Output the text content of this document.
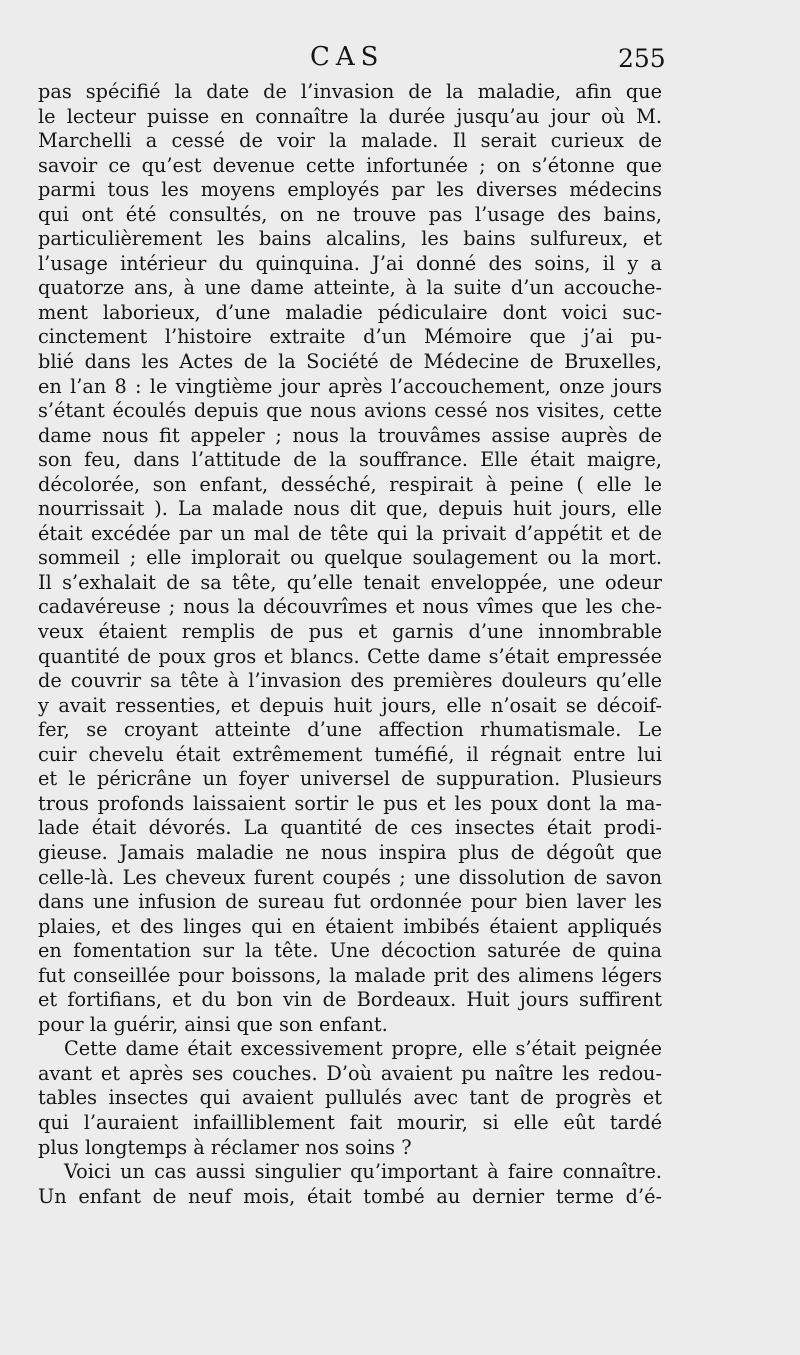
CAS	255
pas spécifié la date de l’invasion de la maladie, afin que
le lecteur puisse en connaître la durée jusqu’au jour où M.
Marchelli a cessé de voir la malade. Il serait curieux de
savoir ce qu’est devenue cette infortunée ; on s’étonne que
parmi tous les moyens employés par les diverses médecins
qui ont été consultés, on ne trouve pas l’usage des bains,
particulièrement les bains alcalins, les bains sulfureux, et
l’usage intérieur du quinquina. J’ai donné des soins, il y a
quatorze ans, à une dame atteinte, à la suite d’un accouche-
ment laborieux, d’une maladie pédiculaire dont voici suc-
cinctement l’histoire extraite d’un Mémoire que j’ai pu-
blié dans les Actes de la Société de Médecine de Bruxelles,
en l’an 8 : le vingtième jour après l’accouchement, onze jours
s’étant écoulés depuis que nous avions cessé nos visites, cette
dame nous fit appeler ; nous la trouvâmes assise auprès de
son feu, dans l’attitude de la souffrance. Elle était maigre,
décolorée, son enfant, desséché, respirait à peine ( elle le
nourrissait ). La malade nous dit que, depuis huit jours, elle
était excédée par un mal de tête qui la privait d’appétit et de
sommeil ; elle implorait ou quelque soulagement ou la mort.
Il s’exhalait de sa tête, qu’elle tenait enveloppée, une odeur
cadavéreuse ; nous la découvrîmes et nous vîmes que les che-
veux étaient remplis de pus et garnis d’une innombrable
quantité de poux gros et blancs. Cette dame s’était empressée
de couvrir sa tête à l’invasion des premières douleurs qu’elle
y avait ressenties, et depuis huit jours, elle n’osait se décoif-
fer, se croyant atteinte d’une affection rhumatismale. Le
cuir chevelu était extrêmement tuméfié, il régnait entre lui
et le péricrâne un foyer universel de suppuration. Plusieurs
trous profonds laissaient sortir le pus et les poux dont la ma-
lade était dévorés. La quantité de ces insectes était prodi-
gieuse. Jamais maladie ne nous inspira plus de dégoût que
celle-là. Les cheveux furent coupés ; une dissolution de savon
dans une infusion de sureau fut ordonnée pour bien laver les
plaies, et des linges qui en étaient imbibés étaient appliqués
en fomentation sur la tête. Une décoction saturée de quina
fut conseillée pour boissons, la malade prit des alimens légers
et fortifians, et du bon vin de Bordeaux. Huit jours suffirent
pour la guérir, ainsi que son enfant.
Cette dame était excessivement propre, elle s’était peignée
avant et après ses couches. D’où avaient pu naître les redou-
tables insectes qui avaient pullulés avec tant de progrès et
qui l’auraient infailliblement fait mourir, si elle eût tardé
plus longtemps à réclamer nos soins ?
Voici un cas aussi singulier qu’important à faire connaître.
Un enfant de neuf mois, était tombé au dernier terme d’é-
